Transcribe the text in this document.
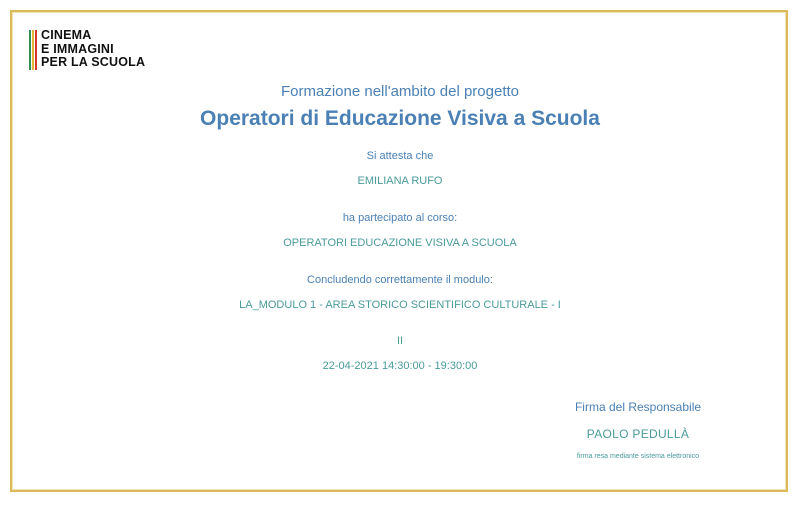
CINEMA
E IMMAGINI
PER LA SCUOLA
Formazione nell'ambito del progetto
Operatori di Educazione Visiva a Scuola
Si attesta che
EMILIANA RUFO
ha partecipato al corso:
OPERATORI EDUCAZIONE VISIVA A SCUOLA
Concludendo correttamente il modulo:
LA_MODULO 1 - AREA STORICO SCIENTIFICO CULTURALE - I
II
22-04-2021 14:30:00 - 19:30:00
Firma del Responsabile
PAOLO PEDULLÀ
firma resa mediante sistema elettronico
